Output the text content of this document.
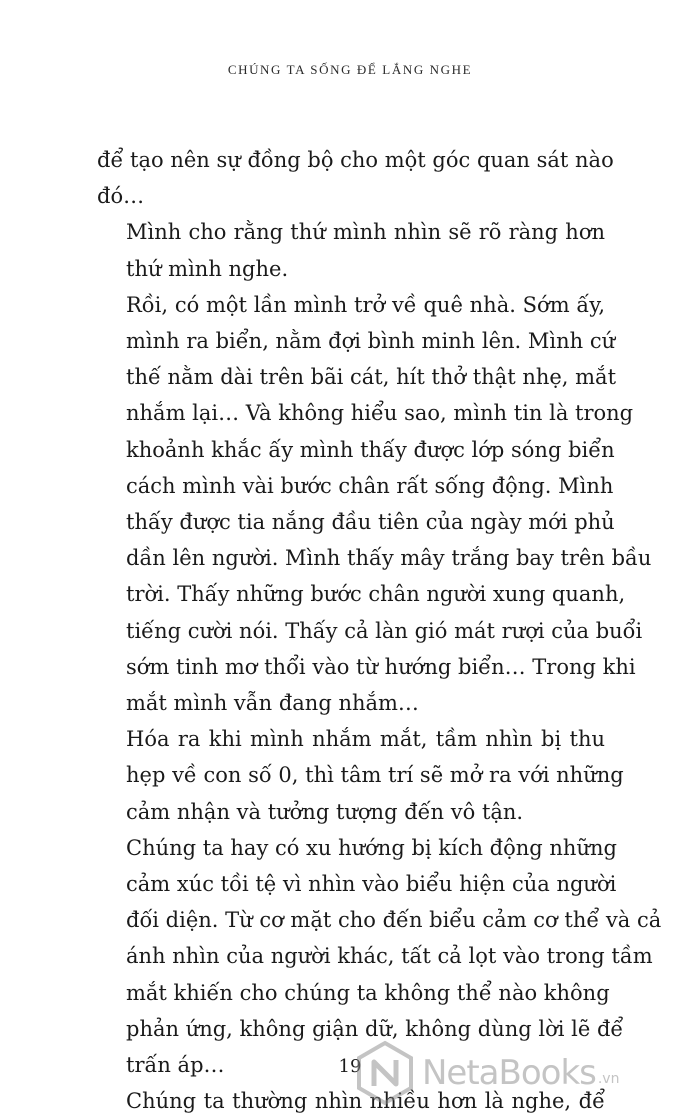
CHÚNG TA SỐNG ĐỂ LẮNG NGHE

để tạo nên sự đồng bộ cho một góc quan sát nào
đó…

Mình cho rằng thứ mình nhìn sẽ rõ ràng hơn
thứ mình nghe.

Rồi, có một lần mình trở về quê nhà. Sớm ấy,
mình ra biển, nằm đợi bình minh lên. Mình cứ
thế nằm dài trên bãi cát, hít thở thật nhẹ, mắt
nhắm lại… Và không hiểu sao, mình tin là trong
khoảnh khắc ấy mình thấy được lớp sóng biển
cách mình vài bước chân rất sống động. Mình
thấy được tia nắng đầu tiên của ngày mới phủ
dần lên người. Mình thấy mây trắng bay trên bầu
trời. Thấy những bước chân người xung quanh,
tiếng cười nói. Thấy cả làn gió mát rượi của buổi
sớm tinh mơ thổi vào từ hướng biển… Trong khi
mắt mình vẫn đang nhắm…

Hóa ra khi mình nhắm mắt, tầm nhìn bị thu
hẹp về con số 0, thì tâm trí sẽ mở ra với những
cảm nhận và tưởng tượng đến vô tận.

Chúng ta hay có xu hướng bị kích động những
cảm xúc tồi tệ vì nhìn vào biểu hiện của người
đối diện. Từ cơ mặt cho đến biểu cảm cơ thể và cả
ánh nhìn của người khác, tất cả lọt vào trong tầm
mắt khiến cho chúng ta không thể nào không
phản ứng, không giận dữ, không dùng lời lẽ để
trấn áp…

Chúng ta thường nhìn nhiều hơn là nghe, để

19	NetaBooks .vn
